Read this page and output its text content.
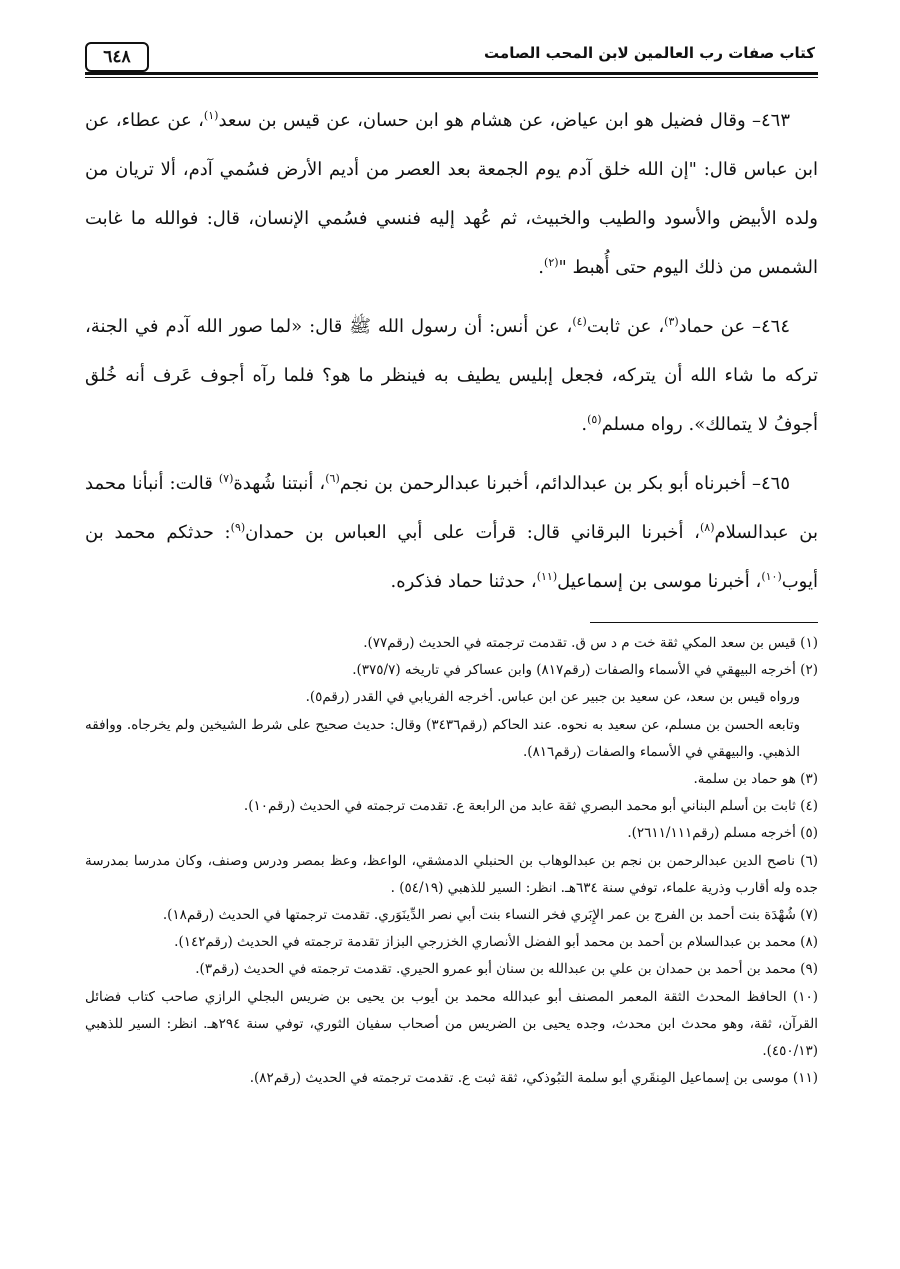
٦٤٨	كتاب صفات رب العالمين لابن المحب الصامت

٤٦٣– وقال فضيل هو ابن عياض، عن هشام هو ابن حسان، عن قيس بن سعد$^{(١)}$، عن عطاء، عن ابن عباس قال: "إن الله خلق آدم يوم الجمعة بعد العصر من أديم الأرض فسُمي آدم، ألا تريان من ولده الأبيض والأسود والطيب والخبيث، ثم عُهد إليه فنسي فسُمي الإنسان، قال: فوالله ما غابت الشمس من ذلك اليوم حتى أُهبط "$^{(٢)}$.

٤٦٤– عن حماد$^{(٣)}$، عن ثابت$^{(٤)}$، عن أنس: أن رسول الله ﷺ قال: «لما صور الله آدم في الجنة، تركه ما شاء الله أن يتركه، فجعل إبليس يطيف به فينظر ما هو؟ فلما رآه أجوف عَرف أنه خُلق أجوفُ لا يتمالك». رواه مسلم$^{(٥)}$.

٤٦٥– أخبرناه أبو بكر بن عبدالدائم، أخبرنا عبدالرحمن بن نجم$^{(٦)}$، أنبتنا شُهدة$^{(٧)}$ قالت: أنبأنا محمد بن عبدالسلام$^{(٨)}$، أخبرنا البرقاني قال: قرأت على أبي العباس بن حمدان$^{(٩)}$: حدثكم محمد بن أيوب$^{(١٠)}$، أخبرنا موسى بن إسماعيل$^{(١١)}$، حدثنا حماد فذكره.

(١) قيس بن سعد المكي ثقة خت م د س ق. تقدمت ترجمته في الحديث (رقم٧٧).

(٢) أخرجه البيهقي في الأسماء والصفات (رقم٨١٧) وابن عساكر في تاريخه (٣٧٥/٧).

ورواه قيس بن سعد، عن سعيد بن جبير عن ابن عباس. أخرجه الفريابي في القدر (رقم٥).

وتابعه الحسن بن مسلم، عن سعيد به نحوه. عند الحاكم (رقم٣٤٣٦) وقال: حديث صحيح على شرط الشيخين ولم يخرجاه. ووافقه الذهبي. والبيهقي في الأسماء والصفات (رقم٨١٦).

(٣) هو حماد بن سلمة.

(٤) ثابت بن أسلم البناني أبو محمد البصري ثقة عابد من الرابعة ع. تقدمت ترجمته في الحديث (رقم١٠).

(٥) أخرجه مسلم (رقم٢٦١١/١١١).

(٦) ناصح الدين عبدالرحمن بن نجم بن عبدالوهاب بن الحنبلي الدمشقي، الواعظ، وعظ بمصر ودرس وصنف، وكان مدرسا بمدرسة جده وله أقارب وذرية علماء، توفي سنة ٦٣٤هـ. انظر: السير للذهبي (٥٤/١٩) .

(٧) شُهْدَة بنت أحمد بن الفرج بن عمر الإِبَري فخر النساء بنت أبي نصر الدِّينَوَري. تقدمت ترجمتها في الحديث (رقم١٨).

(٨) محمد بن عبدالسلام بن أحمد بن محمد أبو الفضل الأنصاري الخزرجي البزاز تقدمة ترجمته في الحديث (رقم١٤٢).

(٩) محمد بن أحمد بن حمدان بن علي بن عبدالله بن سنان أبو عمرو الحيري. تقدمت ترجمته في الحديث (رقم٣).

(١٠) الحافظ المحدث الثقة المعمر المصنف أبو عبدالله محمد بن أيوب بن يحيى بن ضريس البجلي الرازي صاحب كتاب فضائل القرآن، ثقة، وهو محدث ابن محدث، وجده يحيى بن الضريس من أصحاب سفيان الثوري، توفي سنة ٢٩٤هـ. انظر: السير للذهبي (٤٥٠/١٣).

(١١) موسى بن إسماعيل المِنقَري أبو سلمة التبُوذكي، ثقة ثبت ع. تقدمت ترجمته في الحديث (رقم٨٢).
